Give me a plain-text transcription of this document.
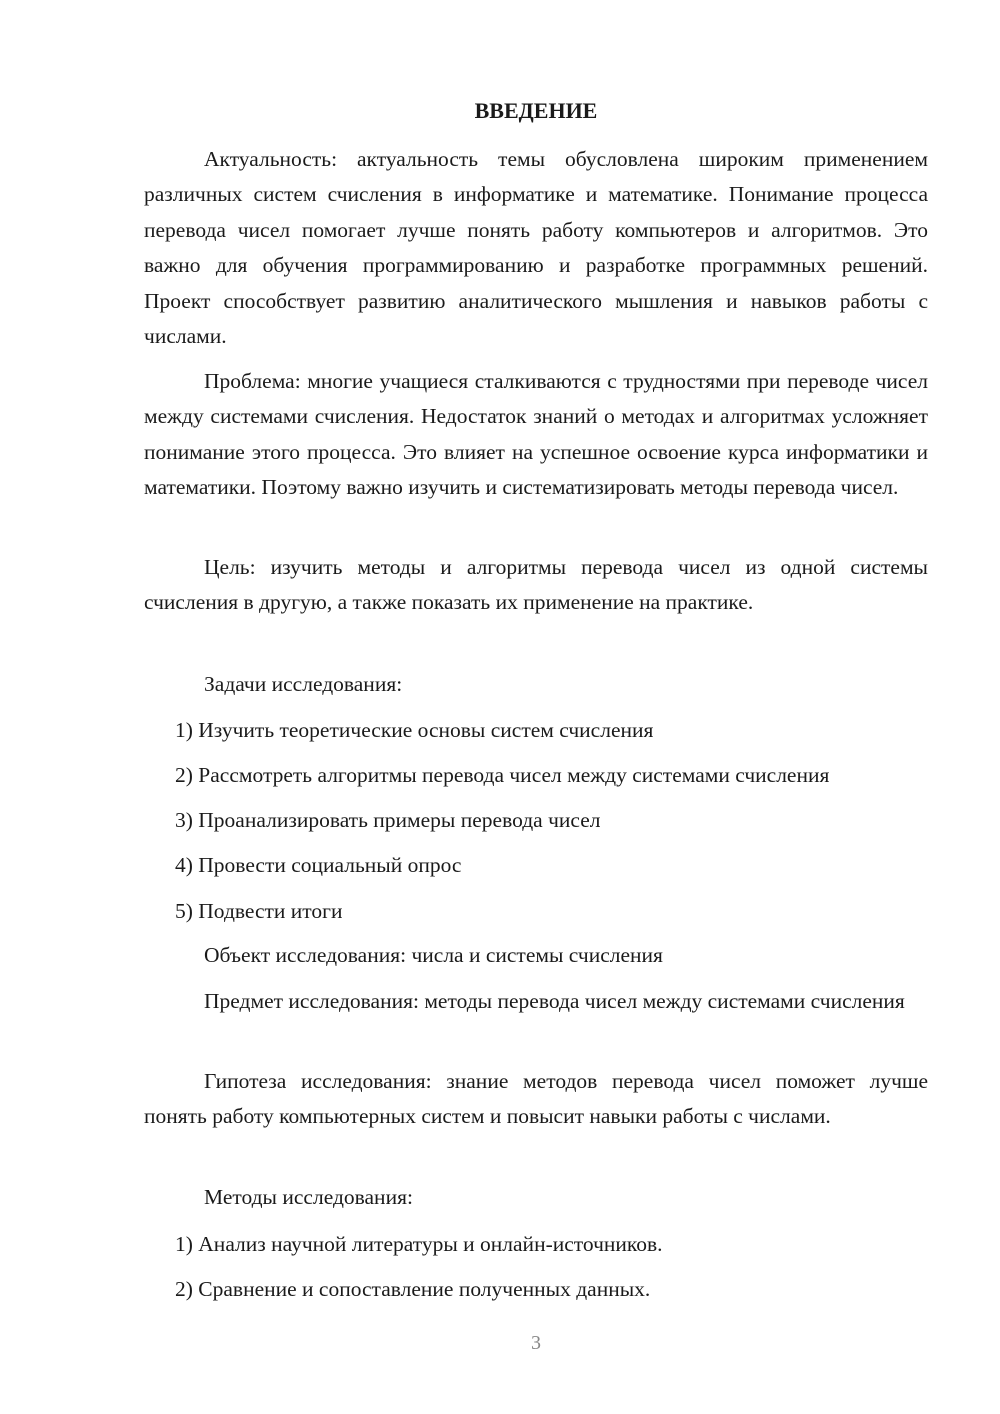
ВВЕДЕНИЕ

Актуальность: актуальность темы обусловлена широким применением различных систем счисления в информатике и математике. Понимание процесса перевода чисел помогает лучше понять работу компьютеров и алгоритмов. Это важно для обучения программированию и разработке программных решений. Проект способствует развитию аналитического мышления и навыков работы с числами.

Проблема: многие учащиеся сталкиваются с трудностями при переводе чисел между системами счисления. Недостаток знаний о методах и алгоритмах усложняет понимание этого процесса. Это влияет на успешное освоение курса информатики и математики. Поэтому важно изучить и систематизировать методы перевода чисел.

Цель: изучить методы и алгоритмы перевода чисел из одной системы счисления в другую, а также показать их применение на практике.

Задачи исследования:

1) Изучить теоретические основы систем счисления

2) Рассмотреть алгоритмы перевода чисел между системами счисления

3) Проанализировать примеры перевода чисел

4) Провести социальный опрос

5) Подвести итоги

Объект исследования: числа и системы счисления

Предмет исследования: методы перевода чисел между системами счисления

Гипотеза исследования: знание методов перевода чисел поможет лучше понять работу компьютерных систем и повысит навыки работы с числами.

Методы исследования:

1) Анализ научной литературы и онлайн-источников.

2) Сравнение и сопоставление полученных данных.

3
